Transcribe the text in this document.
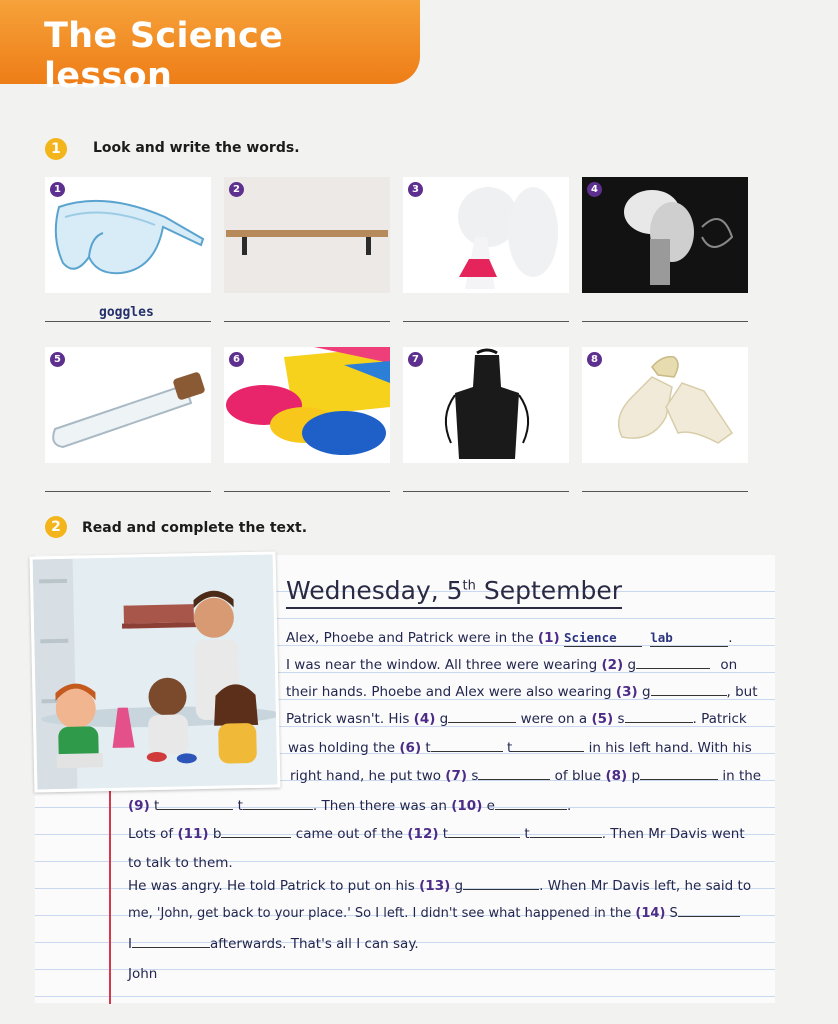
The Science lesson
1	Look and write the words.
1	2	3	4
goggles
5	6	7	8
2	Read and complete the text.
Wednesday, 5th September
Alex, Phoebe and Patrick were in the (1) Science	lab	.
I was near the window. All three were wearing (2) g	on
their hands. Phoebe and Alex were also wearing (3) g	, but
Patrick wasn't. His (4) g	were on a (5) s	. Patrick
was holding the (6) t	t	in his left hand. With his
right hand, he put two (7) s	of blue (8) p	in the
(9) t	t	. Then there was an (10) e	.
Lots of (11) b	came out of the (12) t	t	. Then Mr Davis went
to talk to them.
He was angry. He told Patrick to put on his (13) g	. When Mr Davis left, he said to
me, 'John, get back to your place.' So I left. I didn't see what happened in the (14) S
I	afterwards. That's all I can say.
John
